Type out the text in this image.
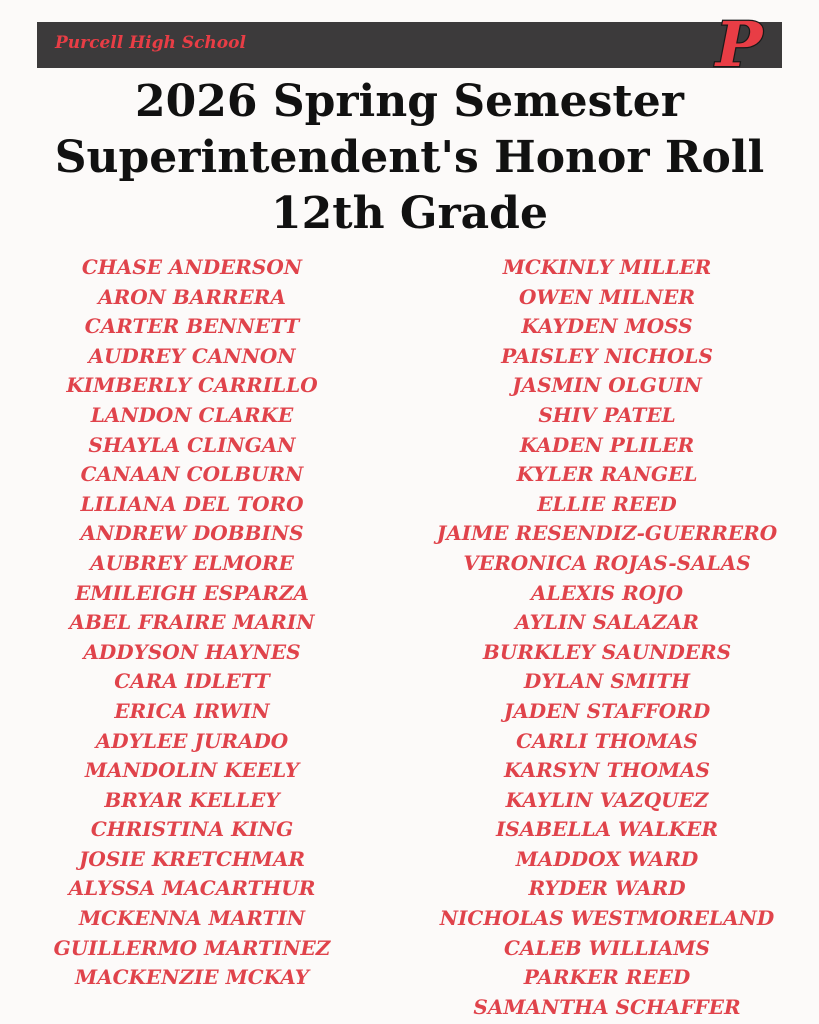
Purcell High School	P
2026 Spring Semester
Superintendent's Honor Roll
12th Grade
CHASE ANDERSON
ARON BARRERA
CARTER BENNETT
AUDREY CANNON
KIMBERLY CARRILLO
LANDON CLARKE
SHAYLA CLINGAN
CANAAN COLBURN
LILIANA DEL TORO
ANDREW DOBBINS
AUBREY ELMORE
EMILEIGH ESPARZA
ABEL FRAIRE MARIN
ADDYSON HAYNES
CARA IDLETT
ERICA IRWIN
ADYLEE JURADO
MANDOLIN KEELY
BRYAR KELLEY
CHRISTINA KING
JOSIE KRETCHMAR
ALYSSA MACARTHUR
MCKENNA MARTIN
GUILLERMO MARTINEZ
MACKENZIE MCKAY
MCKINLY MILLER
OWEN MILNER
KAYDEN MOSS
PAISLEY NICHOLS
JASMIN OLGUIN
SHIV PATEL
KADEN PLILER
KYLER RANGEL
ELLIE REED
JAIME RESENDIZ-GUERRERO
VERONICA ROJAS-SALAS
ALEXIS ROJO
AYLIN SALAZAR
BURKLEY SAUNDERS
DYLAN SMITH
JADEN STAFFORD
CARLI THOMAS
KARSYN THOMAS
KAYLIN VAZQUEZ
ISABELLA WALKER
MADDOX WARD
RYDER WARD
NICHOLAS WESTMORELAND
CALEB WILLIAMS
PARKER REED
SAMANTHA SCHAFFER
